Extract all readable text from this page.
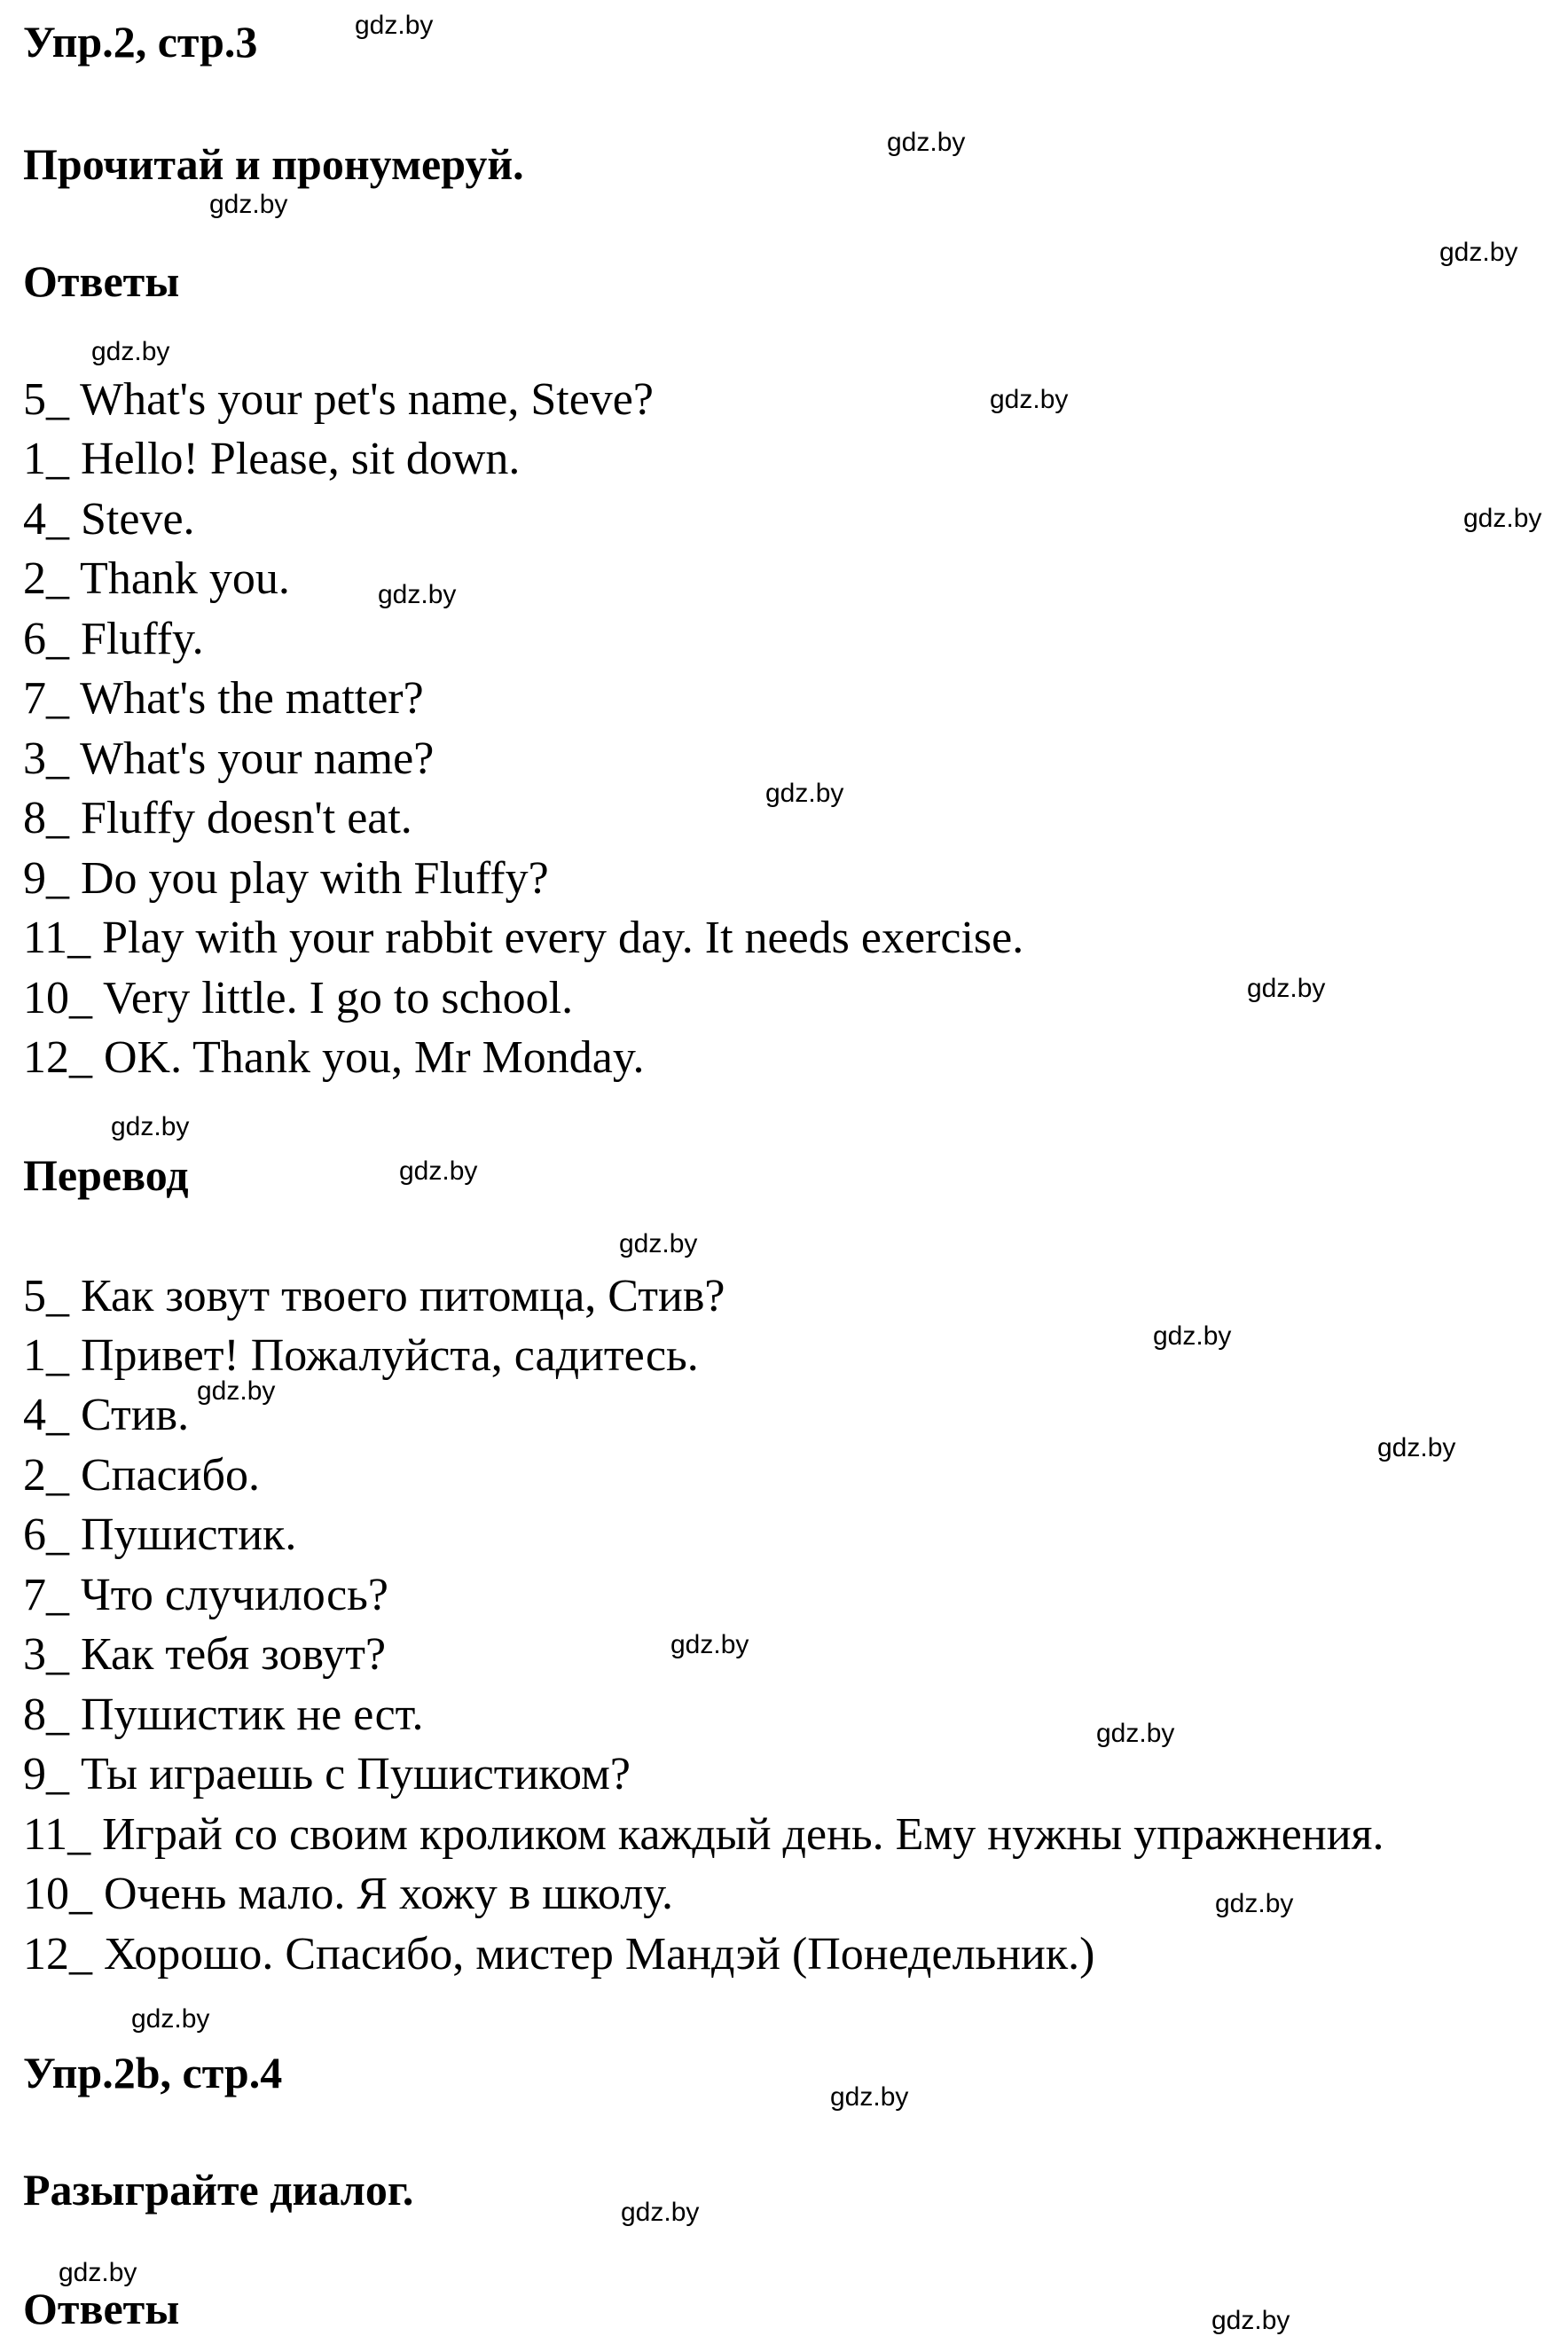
Упр.2, стр.3
Прочитай и пронумеруй.
Ответы
5_ What's your pet's name, Steve?
1_ Hello! Please, sit down.
4_ Steve.
2_ Thank you.
6_ Fluffy.
7_ What's the matter?
3_ What's your name?
8_ Fluffy doesn't eat.
9_ Do you play with Fluffy?
11_ Play with your rabbit every day. It needs exercise.
10_ Very little. I go to school.
12_ OK. Thank you, Mr Monday.
Перевод
5_ Как зовут твоего питомца, Стив?
1_ Привет! Пожалуйста, садитесь.
4_ Стив.
2_ Спасибо.
6_ Пушистик.
7_ Что случилось?
3_ Как тебя зовут?
8_ Пушистик не ест.
9_ Ты играешь с Пушистиком?
11_ Играй со своим кроликом каждый день. Ему нужны упражнения.
10_ Очень мало. Я хожу в школу.
12_ Хорошо. Спасибо, мистер Мандэй (Понедельник.)
Упр.2b, стр.4
Разыграйте диалог.
Ответы
gdz.by
gdz.by
gdz.by
gdz.by
gdz.by
gdz.by
gdz.by
gdz.by
gdz.by
gdz.by
gdz.by
gdz.by
gdz.by
gdz.by
gdz.by
gdz.by
gdz.by
gdz.by
gdz.by
gdz.by
gdz.by
gdz.by
gdz.by
gdz.by
